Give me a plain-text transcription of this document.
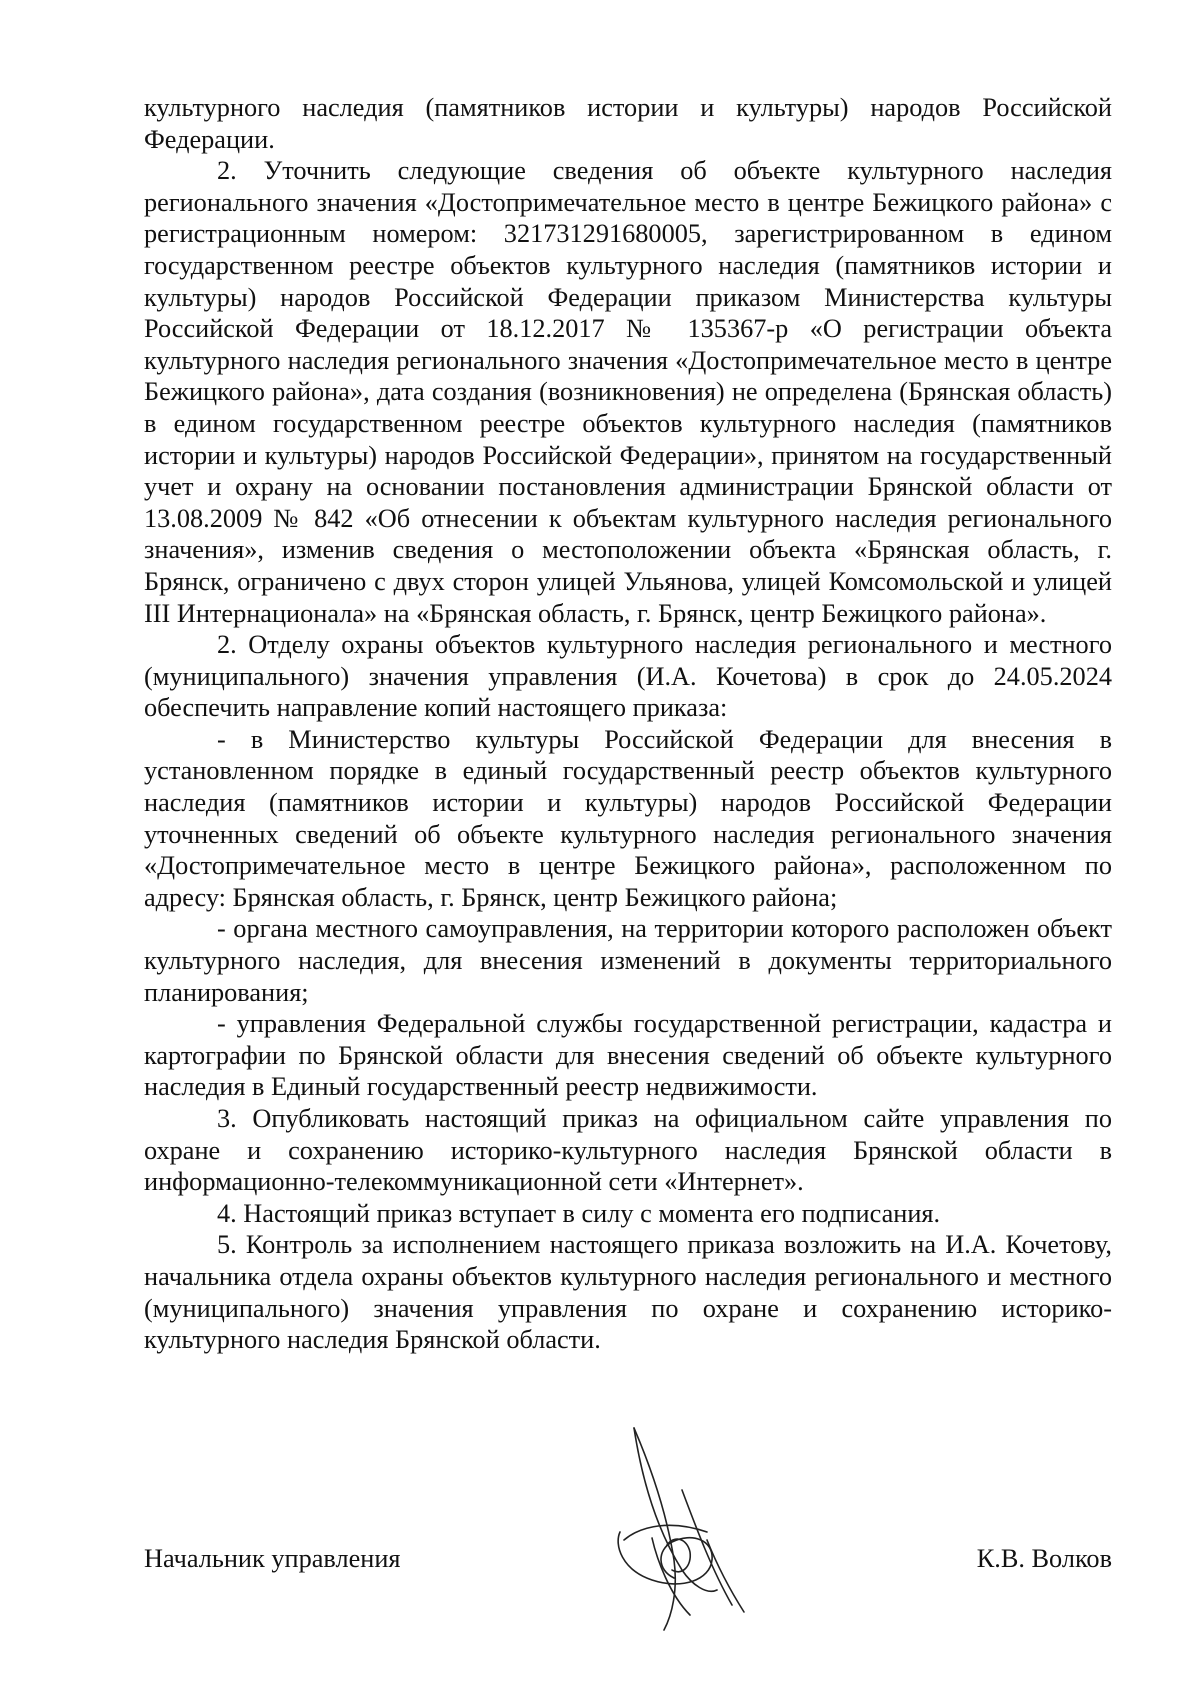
культурного наследия (памятников истории и культуры) народов Российской Федерации.

2. Уточнить следующие сведения об объекте культурного наследия регионального значения «Достопримечательное место в центре Бежицкого района» с регистрационным номером: 321731291680005, зарегистрированном в едином государственном реестре объектов культурного наследия (памятников истории и культуры) народов Российской Федерации приказом Министерства культуры Российской Федерации от 18.12.2017 № 135367-р «О регистрации объекта культурного наследия регионального значения «Достопримечательное место в центре Бежицкого района», дата создания (возникновения) не определена (Брянская область) в едином государственном реестре объектов культурного наследия (памятников истории и культуры) народов Российской Федерации», принятом на государственный учет и охрану на основании постановления администрации Брянской области от 13.08.2009 № 842 «Об отнесении к объектам культурного наследия регионального значения», изменив сведения о местоположении объекта «Брянская область, г. Брянск, ограничено с двух сторон улицей Ульянова, улицей Комсомольской и улицей III Интернационала» на «Брянская область, г. Брянск, центр Бежицкого района».

2. Отделу охраны объектов культурного наследия регионального и местного (муниципального) значения управления (И.А. Кочетова) в срок до 24.05.2024 обеспечить направление копий настоящего приказа:

- в Министерство культуры Российской Федерации для внесения в установленном порядке в единый государственный реестр объектов культурного наследия (памятников истории и культуры) народов Российской Федерации уточненных сведений об объекте культурного наследия регионального значения «Достопримечательное место в центре Бежицкого района», расположенном по адресу: Брянская область, г. Брянск, центр Бежицкого района;

- органа местного самоуправления, на территории которого расположен объект культурного наследия, для внесения изменений в документы территориального планирования;

- управления Федеральной службы государственной регистрации, кадастра и картографии по Брянской области для внесения сведений об объекте культурного наследия в Единый государственный реестр недвижимости.

3. Опубликовать настоящий приказ на официальном сайте управления по охране и сохранению историко-культурного наследия Брянской области в информационно-телекоммуникационной сети «Интернет».

4. Настоящий приказ вступает в силу с момента его подписания.

5. Контроль за исполнением настоящего приказа возложить на И.А. Кочетову, начальника отдела охраны объектов культурного наследия регионального и местного (муниципального) значения управления по охране и сохранению историко-культурного наследия Брянской области.

Начальник управления	К.В. Волков
